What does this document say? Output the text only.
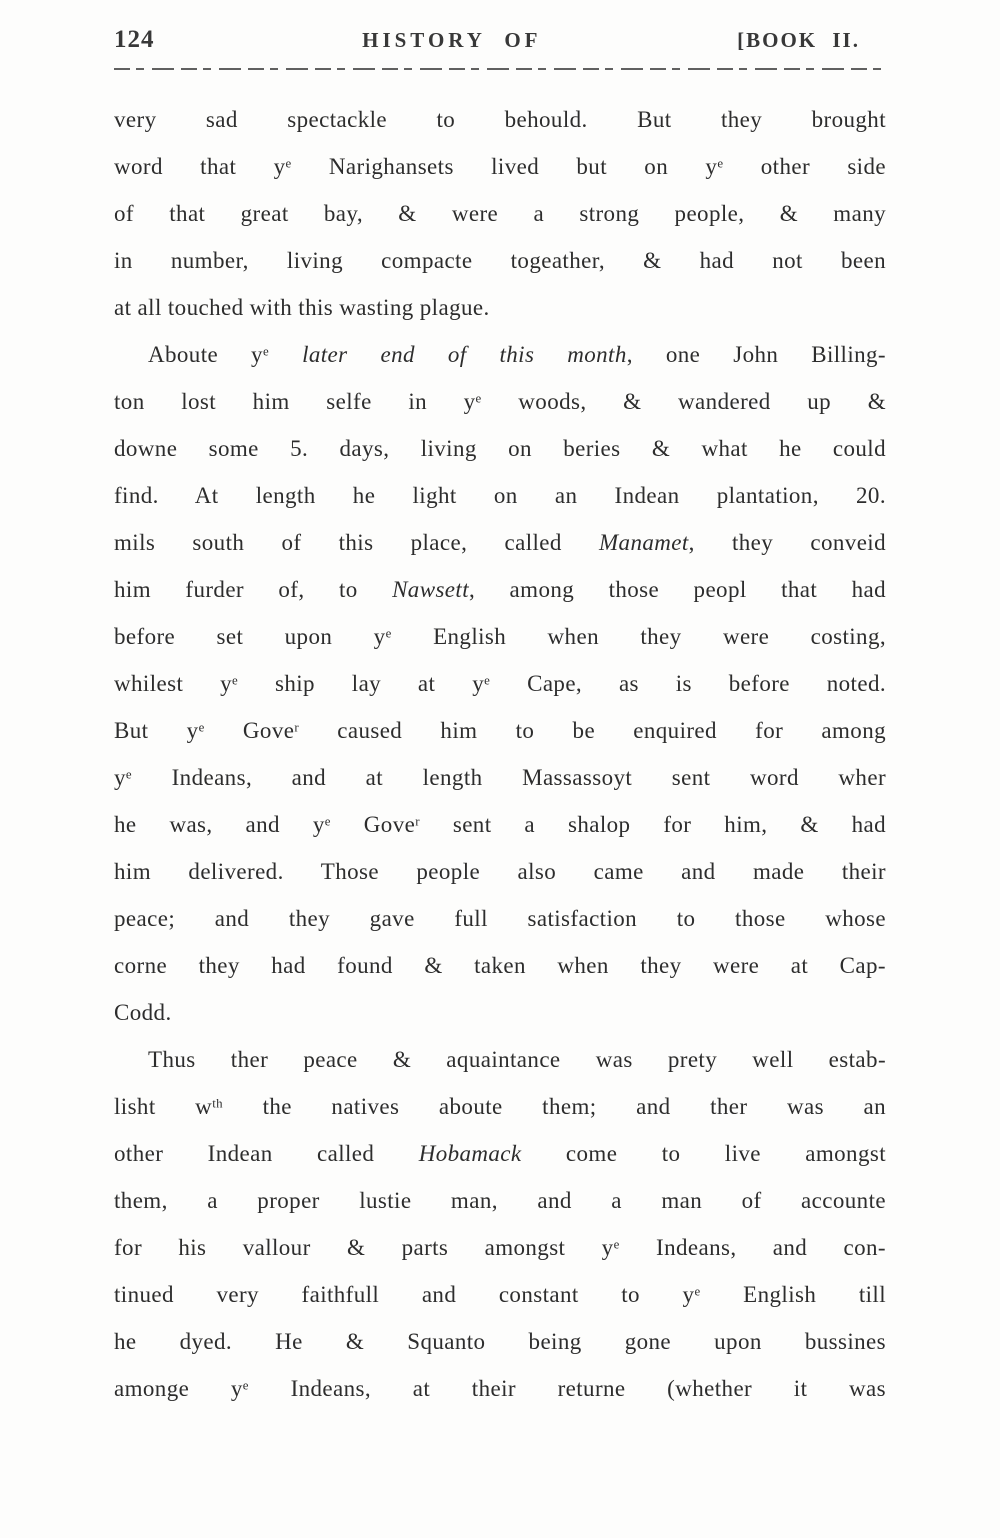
124	HISTORY OF	[BOOK II.
very sad spectackle to behould. But they brought
word that $y^e$ Narighansets lived but on $y^e$ other side
of that great bay, & were a strong people, & many
in number, living compacte togeather, & had not been
at all touched with this wasting plague.
Aboute $y^e$ later end of this month, one John Billing-
ton lost him selfe in $y^e$ woods, & wandered up &
downe some 5. days, living on beries & what he could
find. At length he light on an Indean plantation, 20.
mils south of this place, called Manamet, they conveid
him furder of, to Nawsett, among those peopl that had
before set upon $y^e$ English when they were costing,
whilest $y^e$ ship lay at $y^e$ Cape, as is before noted.
But $y^e$ Gove$^r$ caused him to be enquired for among
$y^e$ Indeans, and at length Massassoyt sent word wher
he was, and $y^e$ Gove$^r$ sent a shalop for him, & had
him delivered. Those people also came and made their
peace; and they gave full satisfaction to those whose
corne they had found & taken when they were at Cap-
Codd.
Thus ther peace & aquaintance was prety well estab-
lisht $w^{th}$ the natives aboute them; and ther was an
other Indean called Hobamack come to live amongst
them, a proper lustie man, and a man of accounte
for his vallour & parts amongst $y^e$ Indeans, and con-
tinued very faithfull and constant to $y^e$ English till
he dyed. He & Squanto being gone upon bussines
amonge $y^e$ Indeans, at their returne (whether it was
